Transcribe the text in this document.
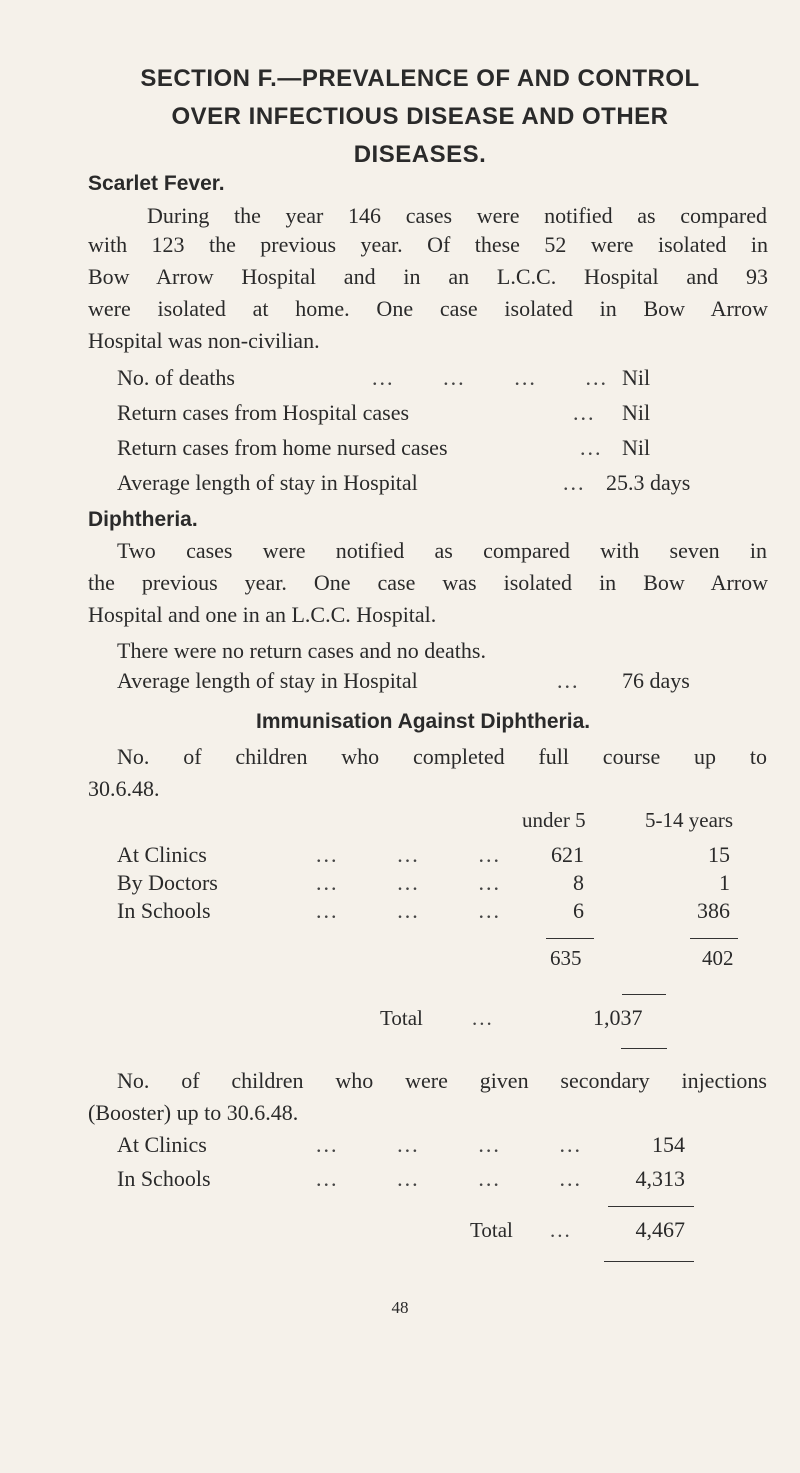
SECTION F.—PREVALENCE OF AND CONTROL
OVER INFECTIOUS DISEASE AND OTHER
DISEASES.
Scarlet Fever.
During the year 146 cases were notified as compared
with 123 the previous year. Of these 52 were isolated in
Bow Arrow Hospital and in an L.C.C. Hospital and 93
were isolated at home. One case isolated in Bow Arrow
Hospital was non-civilian.
No. of deaths	... ... ... ... Nil
Return cases from Hospital cases	... Nil
Return cases from home nursed cases	... Nil
Average length of stay in Hospital	... 25.3 days
Diphtheria.
Two cases were notified as compared with seven in
the previous year. One case was isolated in Bow Arrow
Hospital and one in an L.C.C. Hospital.
There were no return cases and no deaths.
Average length of stay in Hospital	... 76 days
Immunisation Against Diphtheria.
No. of children who completed full course up to
30.6.48.
under 5	5-14 years
At Clinics	... ... ...	621	15
By Doctors	... ... ...	8	1
In Schools	... ... ...	6	386
635	402
Total ...	1,037
No. of children who were given secondary injections
(Booster) up to 30.6.48.
At Clinics	... ... ... ...	154
In Schools	... ... ... ...	4,313
Total ...	4,467
48
